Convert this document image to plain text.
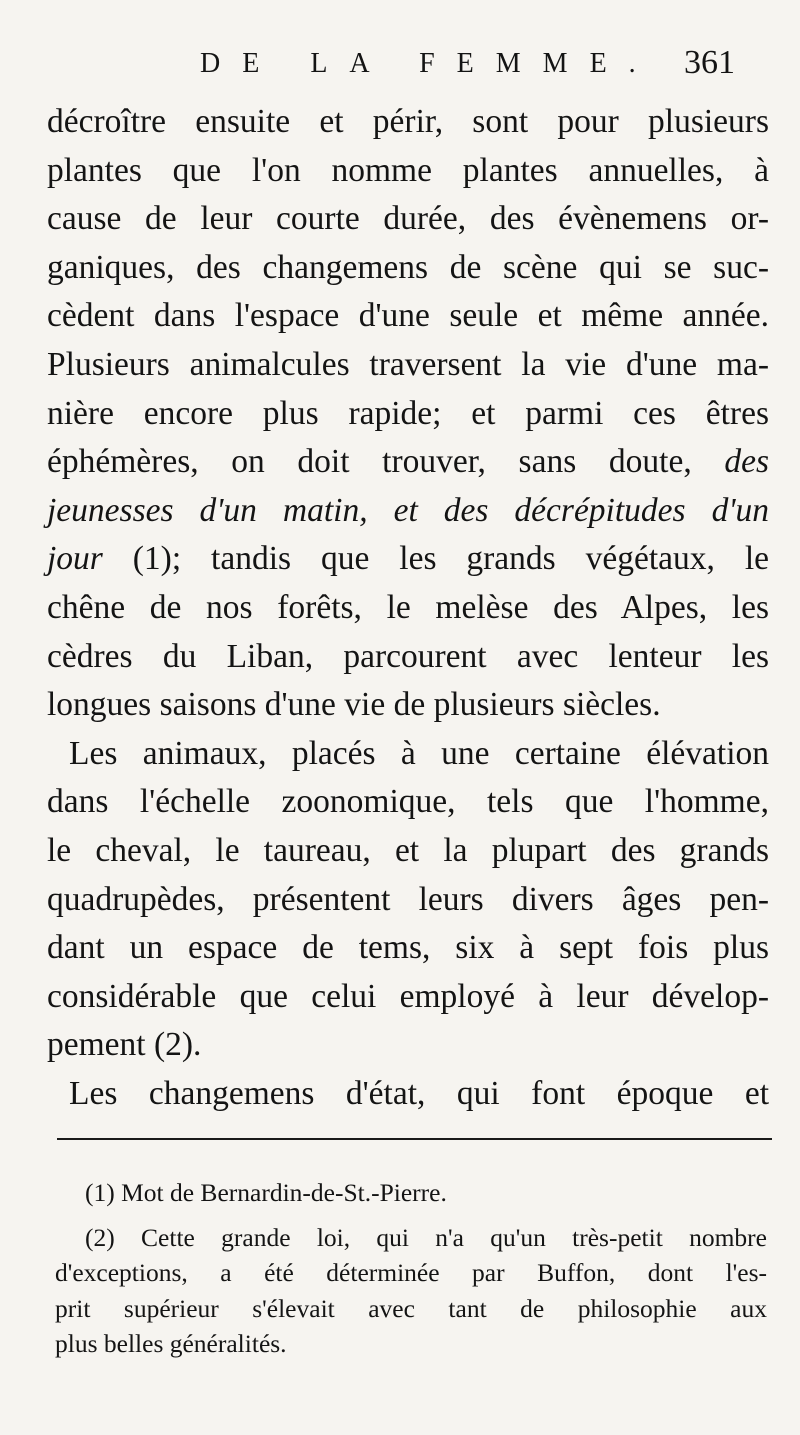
DE LA FEMME. 361

décroître ensuite et périr, sont pour plusieurs
plantes que l'on nomme plantes annuelles, à
cause de leur courte durée, des évènemens or-
ganiques, des changemens de scène qui se suc-
cèdent dans l'espace d'une seule et même année.
Plusieurs animalcules traversent la vie d'une ma-
nière encore plus rapide; et parmi ces êtres
éphémères, on doit trouver, sans doute, des
jeunesses d'un matin, et des décrépitudes d'un
jour (1); tandis que les grands végétaux, le
chêne de nos forêts, le melèse des Alpes, les
cèdres du Liban, parcourent avec lenteur les
longues saisons d'une vie de plusieurs siècles.

Les animaux, placés à une certaine élévation
dans l'échelle zoonomique, tels que l'homme,
le cheval, le taureau, et la plupart des grands
quadrupèdes, présentent leurs divers âges pen-
dant un espace de tems, six à sept fois plus
considérable que celui employé à leur dévelop-
pement (2).

Les changemens d'état, qui font époque et

(1) Mot de Bernardin-de-St.-Pierre.

(2) Cette grande loi, qui n'a qu'un très-petit nombre
d'exceptions, a été déterminée par Buffon, dont l'es-
prit supérieur s'élevait avec tant de philosophie aux
plus belles généralités.
